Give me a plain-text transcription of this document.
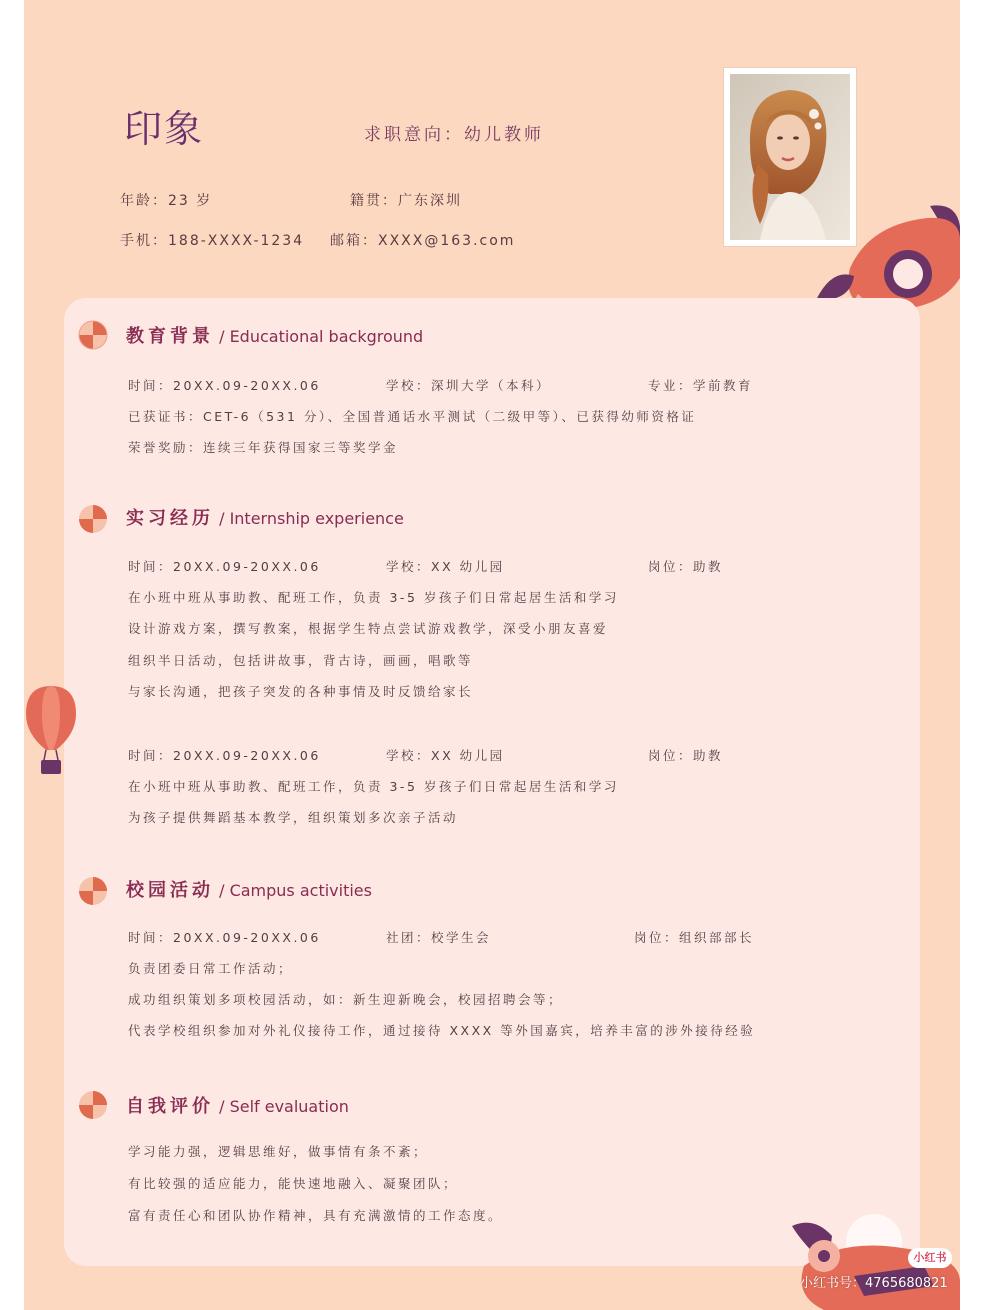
印象	求职意向：幼儿教师
年龄：23 岁	籍贯：广东深圳
手机：188-XXXX-1234 邮箱：XXXX@163.com
教育背景 / Educational background
时间：20XX.09-20XX.06	学校：深圳大学（本科）	专业：学前教育
已获证书：CET-6（531 分）、全国普通话水平测试（二级甲等）、已获得幼师资格证
荣誉奖励：连续三年获得国家三等奖学金
实习经历 / Internship experience
时间：20XX.09-20XX.06	学校：XX 幼儿园	岗位：助教
在小班中班从事助教、配班工作，负责 3-5 岁孩子们日常起居生活和学习
设计游戏方案，撰写教案，根据学生特点尝试游戏教学，深受小朋友喜爱
组织半日活动，包括讲故事，背古诗，画画，唱歌等
与家长沟通，把孩子突发的各种事情及时反馈给家长
时间：20XX.09-20XX.06	学校：XX 幼儿园	岗位：助教
在小班中班从事助教、配班工作，负责 3-5 岁孩子们日常起居生活和学习
为孩子提供舞蹈基本教学，组织策划多次亲子活动
校园活动 / Campus activities
时间：20XX.09-20XX.06	社团：校学生会	岗位：组织部部长
负责团委日常工作活动；
成功组织策划多项校园活动，如：新生迎新晚会，校园招聘会等；
代表学校组织参加对外礼仪接待工作，通过接待 XXXX 等外国嘉宾，培养丰富的涉外接待经验
自我评价 / Self evaluation
学习能力强，逻辑思维好，做事情有条不紊；
有比较强的适应能力，能快速地融入、凝聚团队；
富有责任心和团队协作精神，具有充满激情的工作态度。
小红书
小红书号：4765680821
